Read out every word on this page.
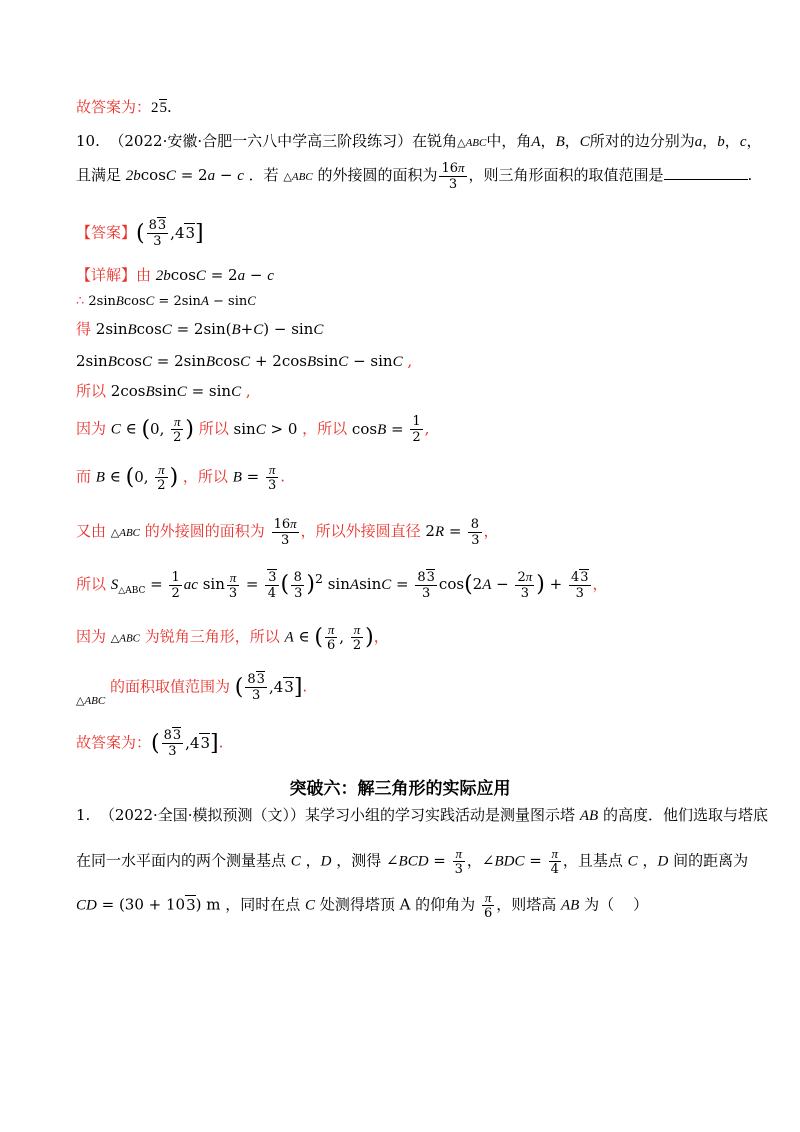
故答案为：25.
10.  （2022·安徽·合肥一六八中学高三阶段练习）在锐角△ABC中，角A，B，C所对的边分别为a，b，c，
且满足 2bcosC = 2a − c ．若 △ABC 的外接圆的面积为 $\frac{16\pi}{3}$ ，则三角形面积的取值范围是	.
【答案】( $\frac{83}{3} ,43$]
【详解】由 2bcosC = 2a − c
∴ 2sinBcosC = 2sinA − sinC
得 2sinBcosC = 2sin(B+C) − sinC
2sinBcosC = 2sinBcosC + 2cosBsinC − sinC ,
所以 2cosBsinC = sinC ,
因为 C ∈ (0, $\frac{\pi}{2}$ ) 所以 sinC > 0 ，所以 $\cos B = \frac{1}{2}$ ,
而 B ∈ (0, $\frac{\pi}{2}$ ) ，所以 $B = \frac{\pi}{3}$ .
又由 △ABC 的外接圆的面积为 $\frac{16\pi}{3}$ ，所以外接圆直径 $2R = \frac{8}{3}$ ，
所以 $S_{\triangle ABC} = \frac{1}{2}$ ac $\sin \frac{\pi}{3} = \frac{3}{4}$ ( $\frac{8}{3} )^2$ sinAsinC = $\frac{83}{3} \cos(2A - \frac{2\pi}{3}$ ) + $\frac{43}{3}$ ，
因为 △ABC 为锐角三角形，所以 A ∈ ( $\frac{\pi}{6}$ , $\frac{\pi}{2}$ )，
$_{\triangle ABC}$ 的面积取值范围为 ( $\frac{83}{3} ,43$].
故答案为：( $\frac{83}{3} ,43$].
突破六：解三角形的实际应用
1.  （2022·全国·模拟预测（文））某学习小组的学习实践活动是测量图示塔 AB 的高度．他们选取与塔底
在同一水平面内的两个测量基点 C ，D ，测得 ∠BCD = $\frac{\pi}{3}$ ，∠BDC = $\frac{\pi}{4}$ ，且基点 C ，D 间的距离为
CD = (30 + 103) m ，同时在点 C 处测得塔顶 A 的仰角为 $\frac{\pi}{6}$ ，则塔高 AB 为（    ）
